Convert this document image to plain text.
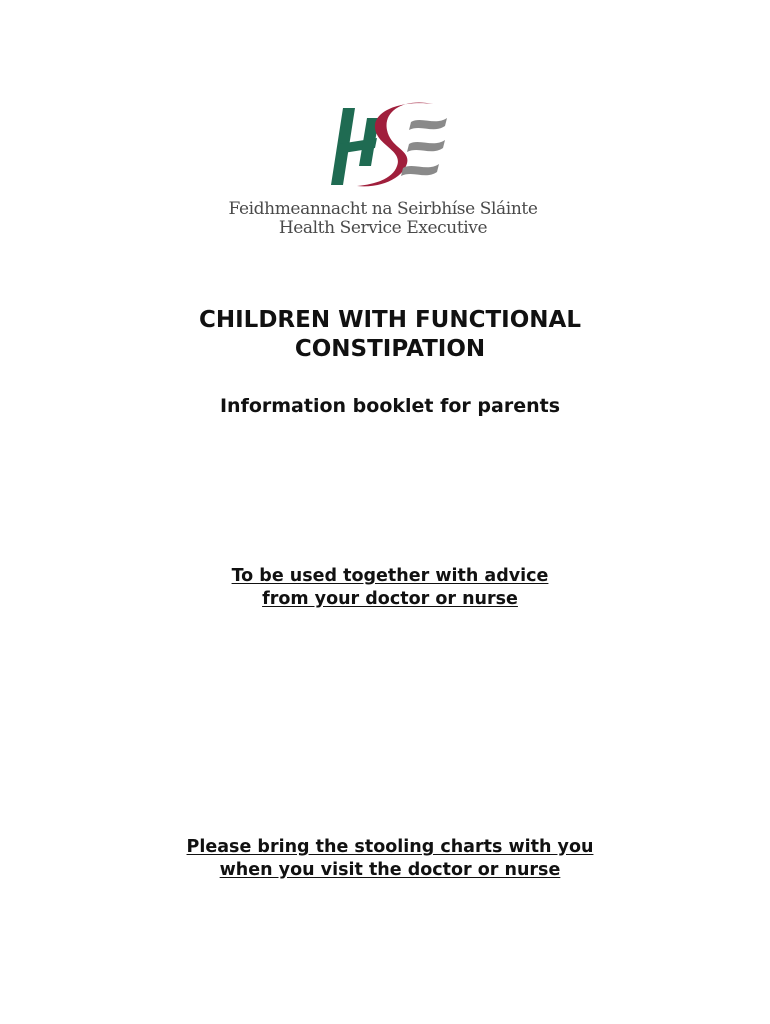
Feidhmeannacht na Seirbhíse Sláinte
Health Service Executive
CHILDREN WITH FUNCTIONAL
CONSTIPATION
Information booklet for parents
To be used together with advice
from your doctor or nurse
Please bring the stooling charts with you
when you visit the doctor or nurse
